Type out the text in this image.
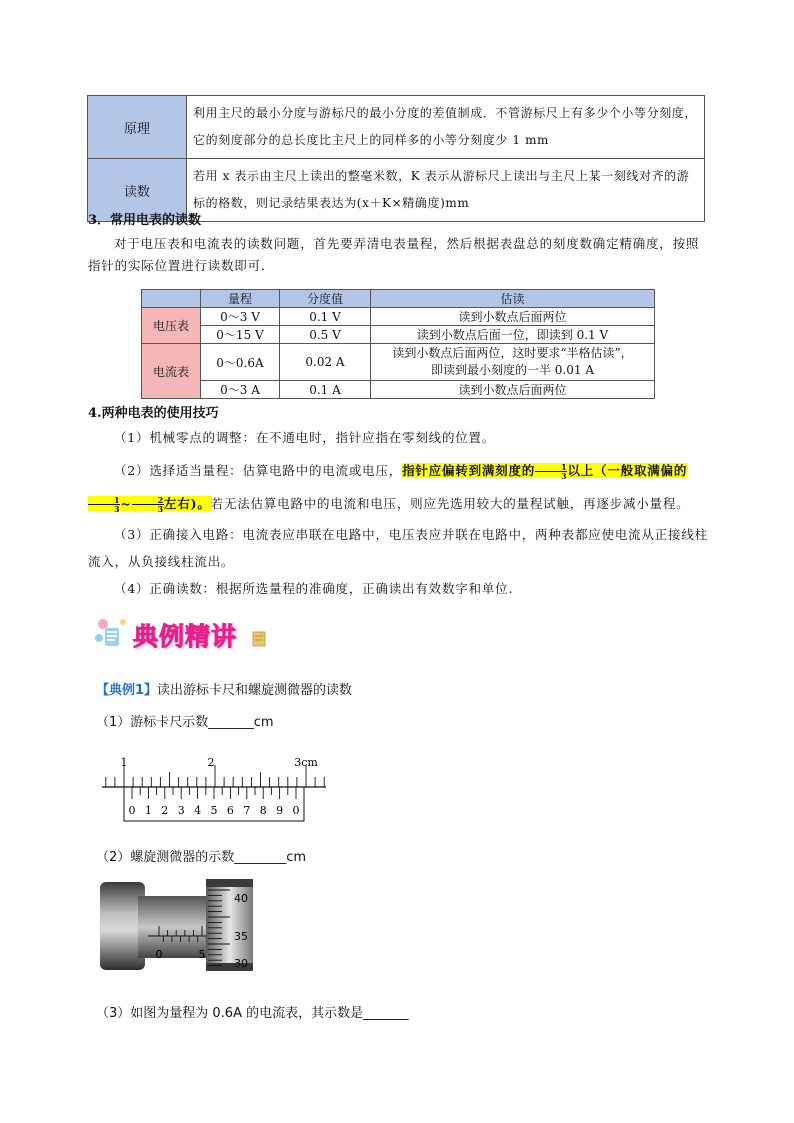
原理	利用主尺的最小分度与游标尺的最小分度的差值制成．不管游标尺上有多少个小等分刻度，它的刻度部分的总长度比主尺上的同样多的小等分刻度少 1 mm
读数	若用 x 表示由主尺上读出的整毫米数，K 表示从游标尺上读出与主尺上某一刻线对齐的游标的格数，则记录结果表达为(x＋K×精确度)mm
3．常用电表的读数
对于电压表和电流表的读数问题，首先要弄清电表量程，然后根据表盘总的刻度数确定精确度，按照指针的实际位置进行读数即可．
	量程	分度值	估读
电压表	0～3 V	0.1 V	读到小数点后面两位
	0～15 V	0.5 V	读到小数点后面一位，即读到 0.1 V
电流表	0～0.6A	0.02 A	读到小数点后面两位，这时要求“半格估读”，
即读到最小刻度的一半 0.01 A

	0～3 A	0.1 A	读到小数点后面两位
4.两种电表的使用技巧
（1）机械零点的调整：在不通电时，指针应指在零刻线的位置。
（2）选择适当量程：估算电路中的电流或电压，指针应偏转到满刻度的 $\frac{1}{3}$ 以上（一般取满偏的
$\frac{1}{3}$ ~ $\frac{2}{3}$ 左右)。若无法估算电路中的电流和电压，则应先选用较大的量程试触，再逐步减小量程。
（3）正确接入电路：电流表应串联在电路中，电压表应并联在电路中，两种表都应使电流从正接线柱流入，从负接线柱流出。
（4）正确读数：根据所选量程的准确度，正确读出有效数字和单位.
典例精讲
【典例1】读出游标卡尺和螺旋测微器的读数
（1）游标卡尺示数_______cm
1	2	3cm
0 1 2 3 4 5 6 7 8 9 0
（2）螺旋测微器的示数________cm
0	5
40
35
30
（3）如图为量程为 0.6A 的电流表，其示数是_______
